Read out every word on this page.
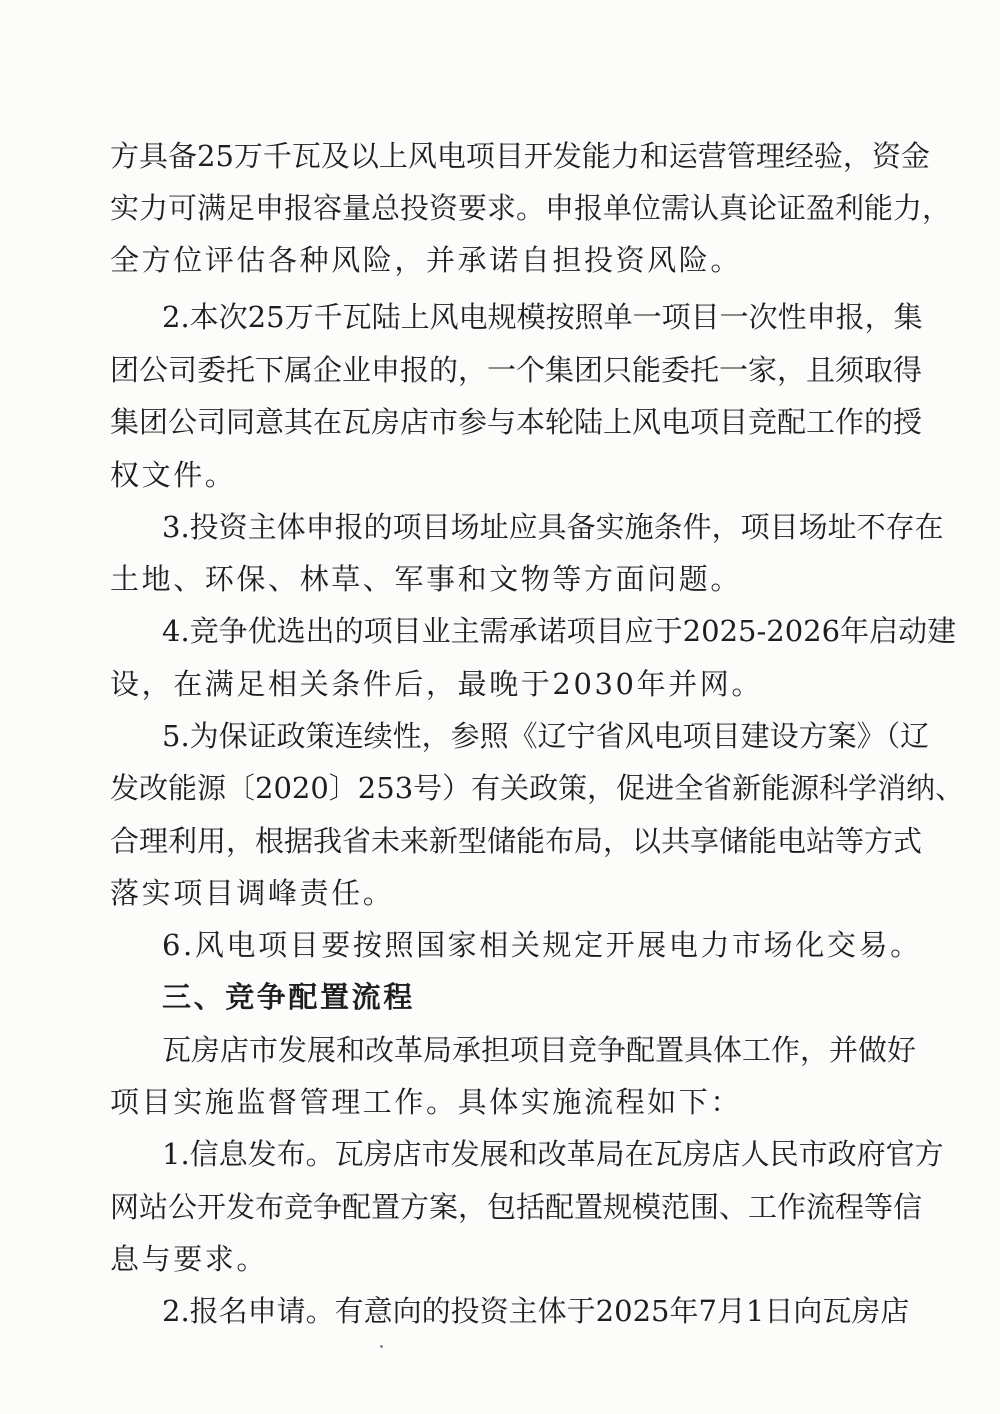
方具备25万千瓦及以上风电项目开发能力和运营管理经验，资金
实力可满足申报容量总投资要求。申报单位需认真论证盈利能力，
全方位评估各种风险，并承诺自担投资风险。
2.本次25万千瓦陆上风电规模按照单一项目一次性申报，集
团公司委托下属企业申报的，一个集团只能委托一家，且须取得
集团公司同意其在瓦房店市参与本轮陆上风电项目竞配工作的授
权文件。
3.投资主体申报的项目场址应具备实施条件，项目场址不存在
土地、环保、林草、军事和文物等方面问题。
4.竞争优选出的项目业主需承诺项目应于2025-2026年启动建
设，在满足相关条件后，最晚于2030年并网。
5.为保证政策连续性，参照《辽宁省风电项目建设方案》（辽
发改能源〔2020〕253号）有关政策，促进全省新能源科学消纳、
合理利用，根据我省未来新型储能布局，以共享储能电站等方式
落实项目调峰责任。
6.风电项目要按照国家相关规定开展电力市场化交易。
三、竞争配置流程
瓦房店市发展和改革局承担项目竞争配置具体工作，并做好
项目实施监督管理工作。具体实施流程如下：
1.信息发布。瓦房店市发展和改革局在瓦房店人民市政府官方
网站公开发布竞争配置方案，包括配置规模范围、工作流程等信
息与要求。
2.报名申请。有意向的投资主体于2025年7月1日向瓦房店
